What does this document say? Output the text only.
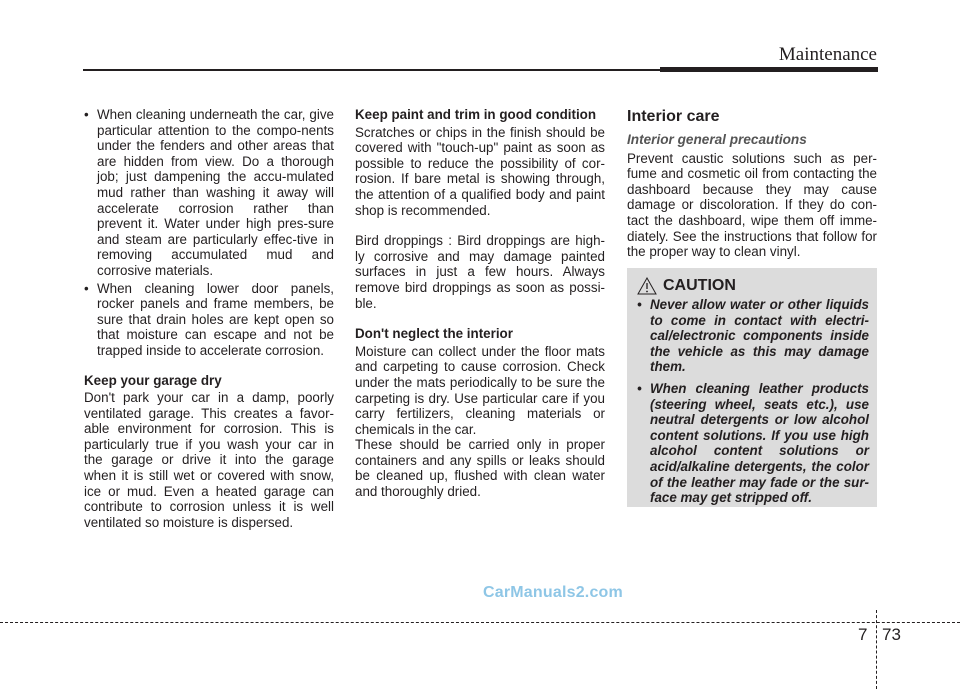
Maintenance

• When cleaning underneath the car, give particular attention to the compo-nents under the fenders and other areas that are hidden from view. Do a thorough job; just dampening the accu-mulated mud rather than washing it away will accelerate corrosion rather than prevent it. Water under high pres-sure and steam are particularly effec-tive in removing accumulated mud and corrosive materials.

• When cleaning lower door panels, rocker panels and frame members, be sure that drain holes are kept open so that moisture can escape and not be trapped inside to accelerate corrosion.

Keep your garage dry

Don't park your car in a damp, poorly ventilated garage. This creates a favor-able environment for corrosion. This is particularly true if you wash your car in the garage or drive it into the garage when it is still wet or covered with snow, ice or mud. Even a heated garage can contribute to corrosion unless it is well ventilated so moisture is dispersed.

Keep paint and trim in good condition

Scratches or chips in the finish should be covered with "touch-up" paint as soon as possible to reduce the possibility of cor-rosion. If bare metal is showing through, the attention of a qualified body and paint shop is recommended.

Bird droppings : Bird droppings are high-ly corrosive and may damage painted surfaces in just a few hours. Always remove bird droppings as soon as possi-ble.

Don't neglect the interior

Moisture can collect under the floor mats and carpeting to cause corrosion. Check under the mats periodically to be sure the carpeting is dry. Use particular care if you carry fertilizers, cleaning materials or chemicals in the car.

These should be carried only in proper containers and any spills or leaks should be cleaned up, flushed with clean water and thoroughly dried.

Interior care

Interior general precautions

Prevent caustic solutions such as per-fume and cosmetic oil from contacting the dashboard because they may cause damage or discoloration. If they do con-tact the dashboard, wipe them off imme-diately. See the instructions that follow for the proper way to clean vinyl.

CAUTION

• Never allow water or other liquids to come in contact with electri-cal/electronic components inside the vehicle as this may damage them.

• When cleaning leather products (steering wheel, seats etc.), use neutral detergents or low alcohol content solutions. If you use high alcohol content solutions or acid/alkaline detergents, the color of the leather may fade or the sur-face may get stripped off.

CarManuals2.com
7 73
